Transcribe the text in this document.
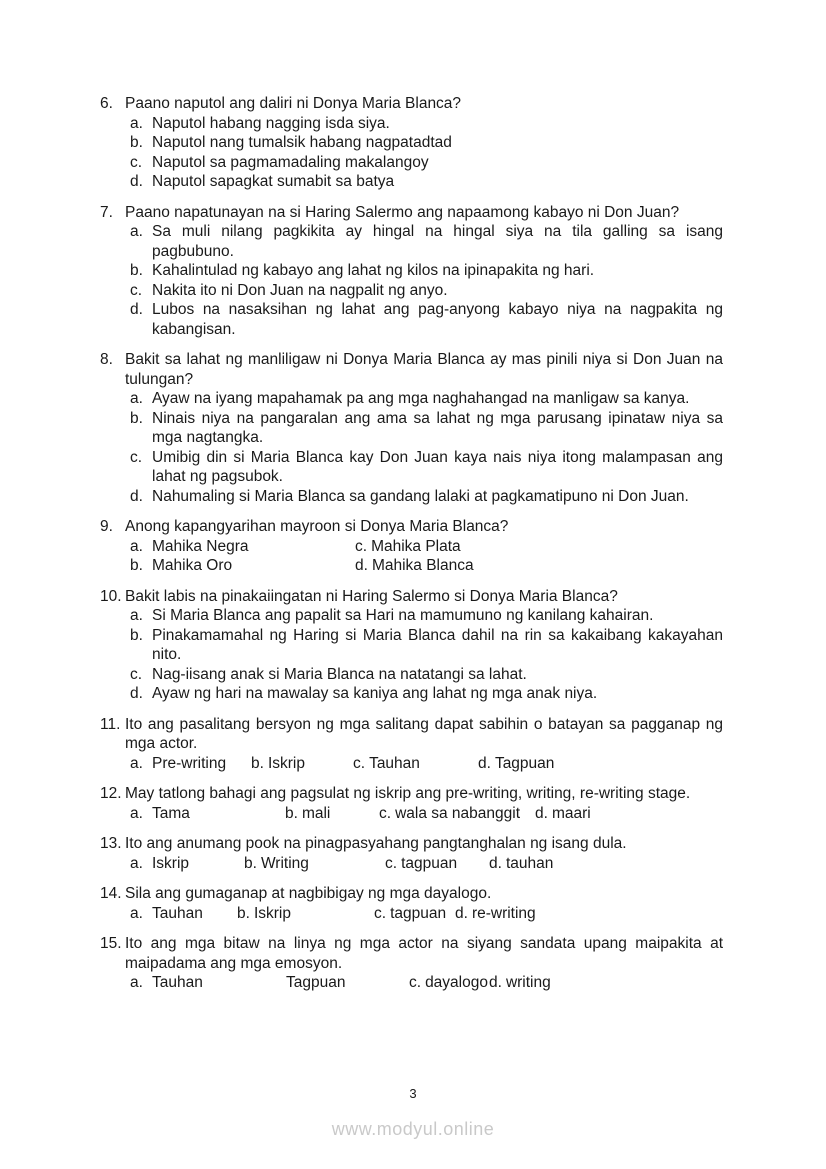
6. Paano naputol ang daliri ni Donya Maria Blanca?

a. Naputol habang nagging isda siya.

b. Naputol nang tumalsik habang nagpatadtad

c. Naputol sa pagmamadaling makalangoy

d. Naputol sapagkat sumabit sa batya

7. Paano napatunayan na si Haring Salermo ang napaamong kabayo ni Don Juan?

a. Sa muli nilang pagkikita ay hingal na hingal siya na tila galling sa isang pagbubuno.

b. Kahalintulad ng kabayo ang lahat ng kilos na ipinapakita ng hari.

c. Nakita ito ni Don Juan na nagpalit ng anyo.

d. Lubos na nasaksihan ng lahat ang pag-anyong kabayo niya na nagpakita ng kabangisan.

8. Bakit sa lahat ng manliligaw ni Donya Maria Blanca ay mas pinili niya si Don Juan na tulungan?

a. Ayaw na iyang mapahamak pa ang mga naghahangad na manligaw sa kanya.

b. Ninais niya na pangaralan ang ama sa lahat ng mga parusang ipinataw niya sa mga nagtangka.

c. Umibig din si Maria Blanca kay Don Juan kaya nais niya itong malampasan ang lahat ng pagsubok.

d. Nahumaling si Maria Blanca sa gandang lalaki at pagkamatipuno ni Don Juan.

9. Anong kapangyarihan mayroon si Donya Maria Blanca?

a. Mahika Negra

b. Mahika Oro

c. Mahika Plata

d. Mahika Blanca

10. Bakit labis na pinakaiingatan ni Haring Salermo si Donya Maria Blanca?

a. Si Maria Blanca ang papalit sa Hari na mamumuno ng kanilang kahairan.

b. Pinakamamahal ng Haring si Maria Blanca dahil na rin sa kakaibang kakayahan nito.

c. Nag-iisang anak si Maria Blanca na natatangi sa lahat.

d. Ayaw ng hari na mawalay sa kaniya ang lahat ng mga anak niya.

11. Ito ang pasalitang bersyon ng mga salitang dapat sabihin o batayan sa pagganap ng mga actor.

a. Pre-writing	b. Iskrip	c. Tauhan	d. Tagpuan

12. May tatlong bahagi ang pagsulat ng iskrip ang pre-writing, writing, re-writing stage.

a. Tama	b. mali	c. wala sa nabanggit d. maari

13. Ito ang anumang pook na pinagpasyahang pangtanghalan ng isang dula.

a. Iskrip	b. Writing	c. tagpuan	d. tauhan

14. Sila ang gumaganap at nagbibigay ng mga dayalogo.

a. Tauhan	b. Iskrip	c. tagpuan d. re-writing

15. Ito ang mga bitaw na linya ng mga actor na siyang sandata upang maipakita at maipadama ang mga emosyon.

a. Tauhan	Tagpuan	c. dayalogo d. writing

3
www.modyul.online
